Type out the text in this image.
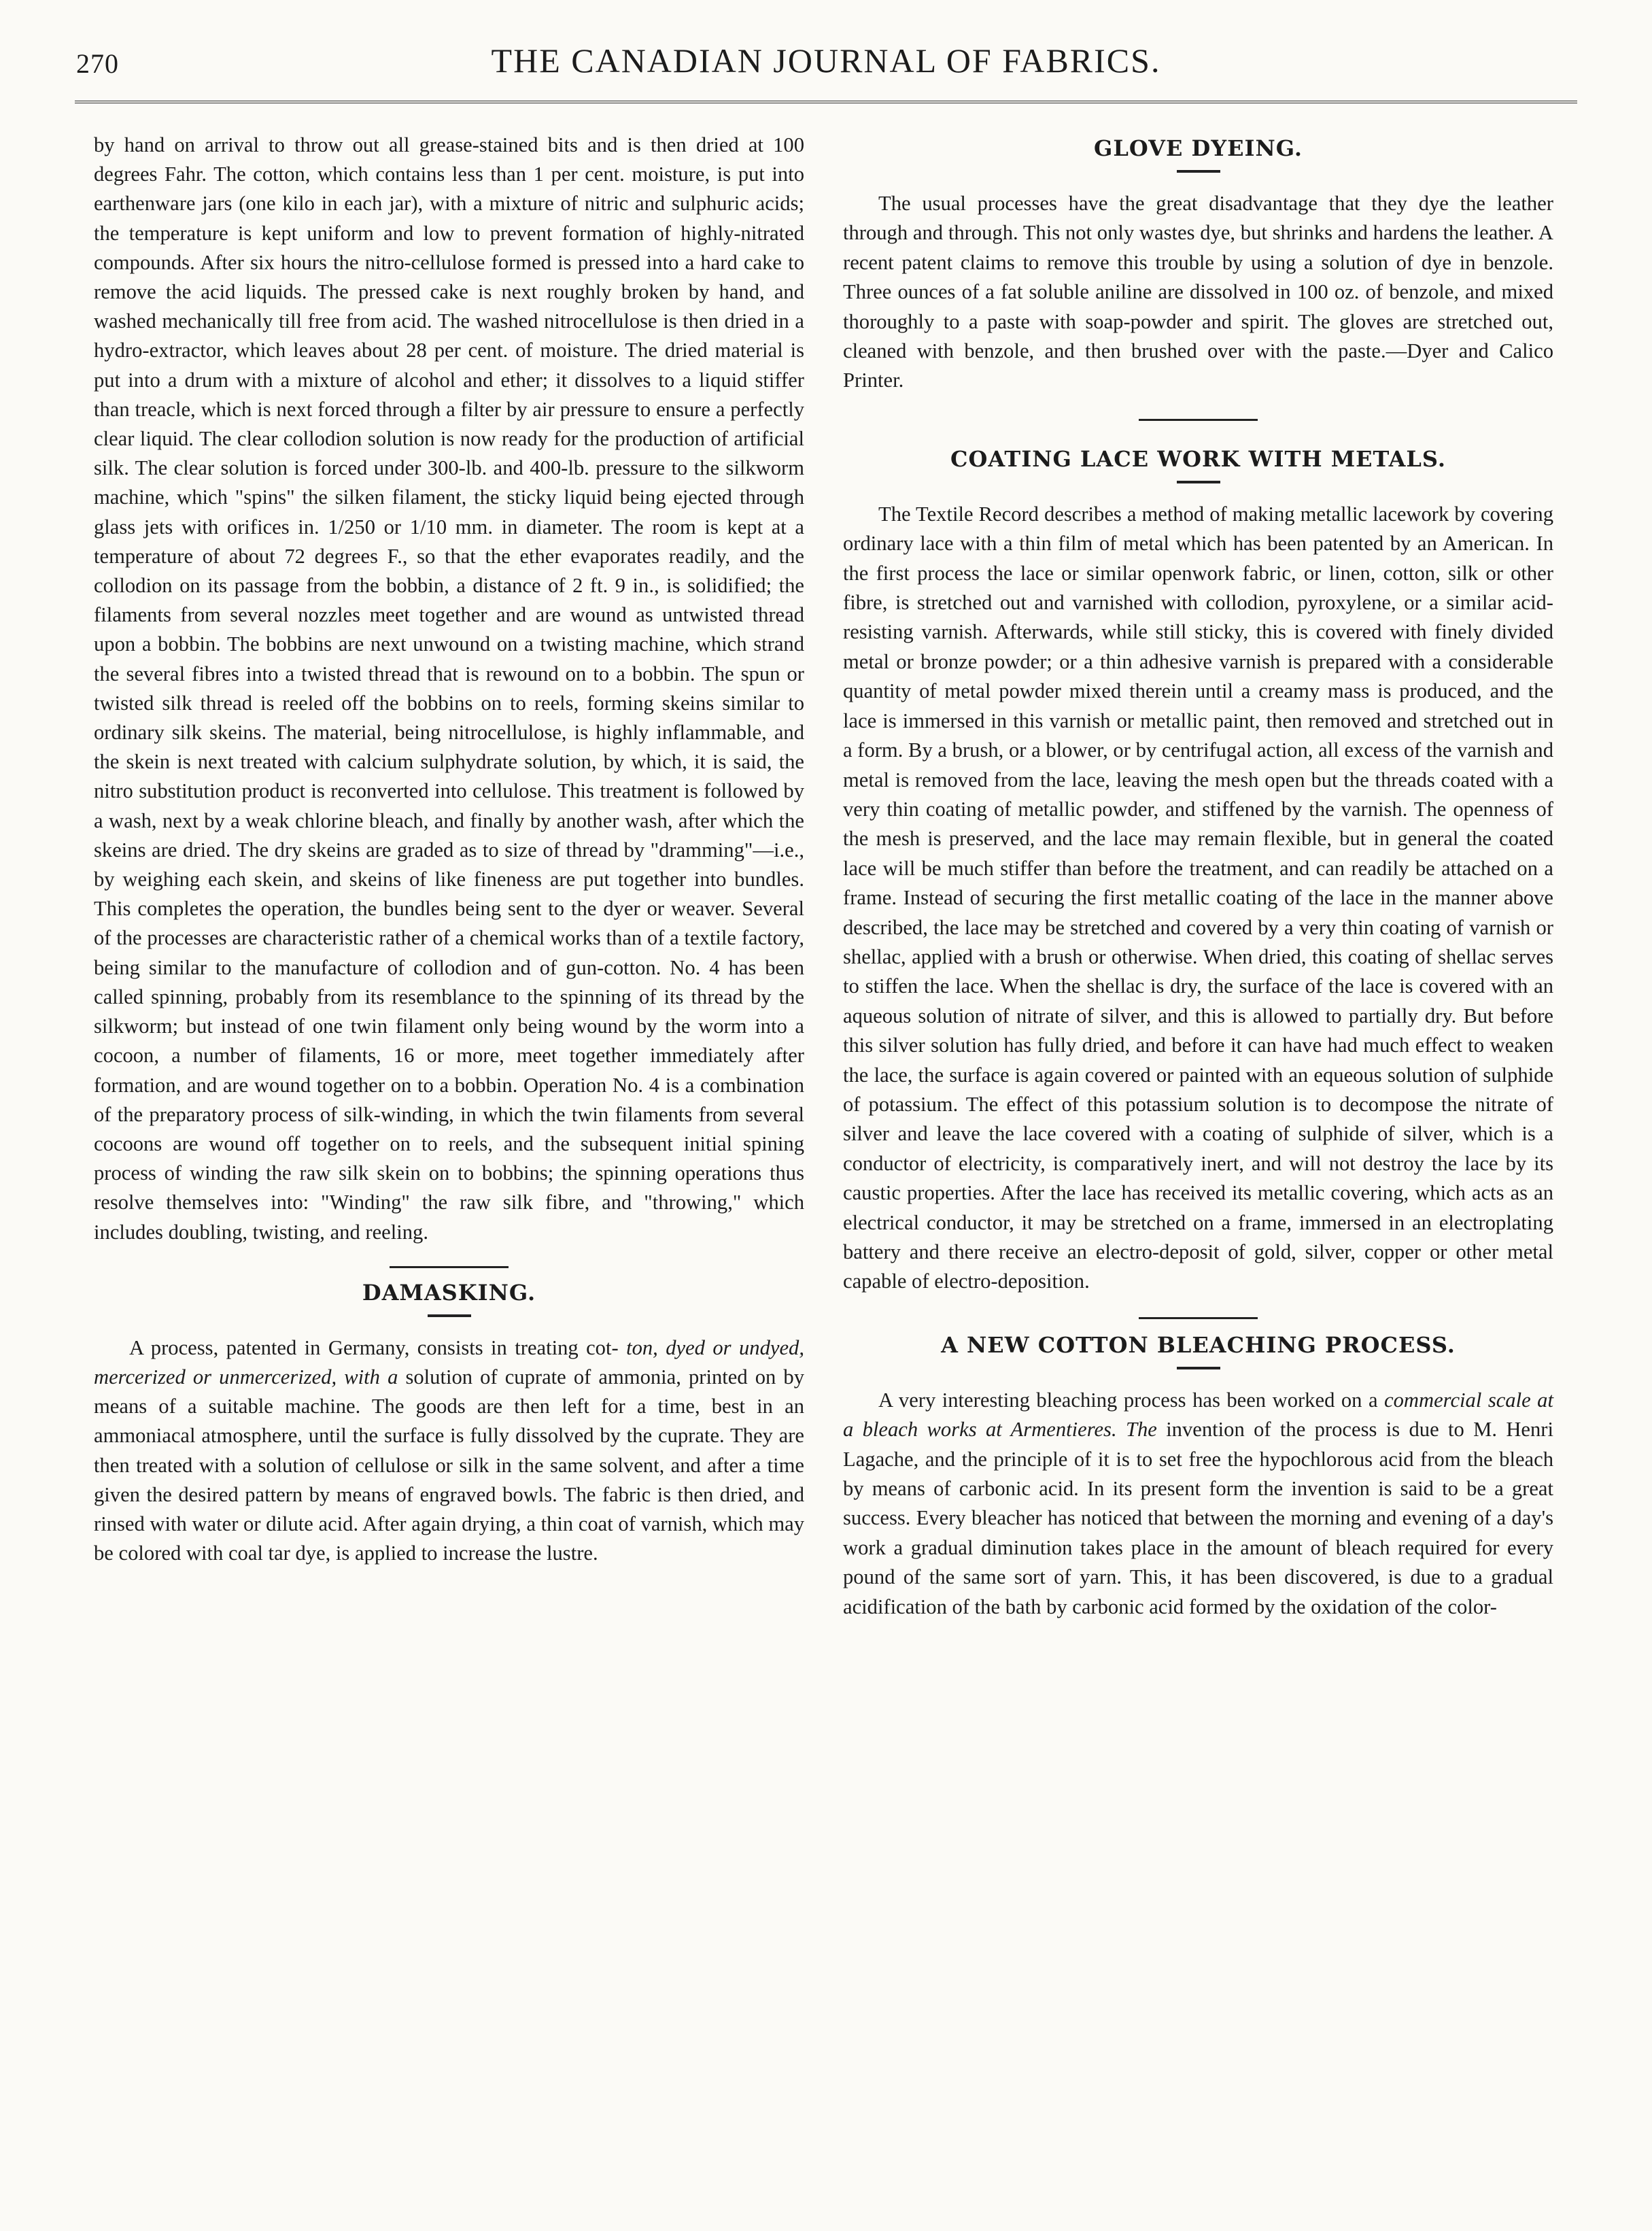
270	THE CANADIAN JOURNAL OF FABRICS.

by hand on arrival to throw out all grease-stained bits and is then dried at 100 degrees Fahr. The cotton, which contains less than 1 per cent. moisture, is put into earthenware jars (one kilo in each jar), with a mixture of nitric and sulphuric acids; the temperature is kept uniform and low to prevent formation of highly-nitrated compounds. After six hours the nitro-cellulose formed is pressed into a hard cake to remove the acid liquids. The pressed cake is next roughly broken by hand, and washed mechanically till free from acid. The washed nitrocellulose is then dried in a hydro-extractor, which leaves about 28 per cent. of moisture. The dried material is put into a drum with a mixture of alcohol and ether; it dissolves to a liquid stiffer than treacle, which is next forced through a filter by air pressure to ensure a perfectly clear liquid. The clear collodion solution is now ready for the production of artificial silk. The clear solution is forced under 300-lb. and 400-lb. pressure to the silkworm machine, which "spins" the silken filament, the sticky liquid being ejected through glass jets with orifices in. 1/250 or 1/10 mm. in diameter. The room is kept at a temperature of about 72 degrees F., so that the ether evaporates readily, and the collodion on its passage from the bobbin, a distance of 2 ft. 9 in., is solidified; the filaments from several nozzles meet together and are wound as untwisted thread upon a bobbin. The bobbins are next unwound on a twisting machine, which strand the several fibres into a twisted thread that is rewound on to a bobbin. The spun or twisted silk thread is reeled off the bobbins on to reels, forming skeins similar to ordinary silk skeins. The material, being nitrocellulose, is highly inflammable, and the skein is next treated with calcium sulphydrate solution, by which, it is said, the nitro substitution product is reconverted into cellulose. This treatment is followed by a wash, next by a weak chlorine bleach, and finally by another wash, after which the skeins are dried. The dry skeins are graded as to size of thread by "dramming"—i.e., by weighing each skein, and skeins of like fineness are put together into bundles. This completes the operation, the bundles being sent to the dyer or weaver. Several of the processes are characteristic rather of a chemical works than of a textile factory, being similar to the manufacture of collodion and of gun-cotton. No. 4 has been called spinning, probably from its resemblance to the spinning of its thread by the silkworm; but instead of one twin filament only being wound by the worm into a cocoon, a number of filaments, 16 or more, meet together immediately after formation, and are wound together on to a bobbin. Operation No. 4 is a combination of the preparatory process of silk-winding, in which the twin filaments from several cocoons are wound off together on to reels, and the subsequent initial spining process of winding the raw silk skein on to bobbins; the spinning operations thus resolve themselves into: "Winding" the raw silk fibre, and "throwing," which includes doubling, twisting, and reeling.

DAMASKING.

A process, patented in Germany, consists in treating cot- ton, dyed or undyed, mercerized or unmercerized, with a solution of cuprate of ammonia, printed on by means of a suitable machine. The goods are then left for a time, best in an ammoniacal atmosphere, until the surface is fully dissolved by the cuprate. They are then treated with a solution of cellulose or silk in the same solvent, and after a time given the desired pattern by means of engraved bowls. The fabric is then dried, and rinsed with water or dilute acid. After again drying, a thin coat of varnish, which may be colored with coal tar dye, is applied to increase the lustre.

GLOVE DYEING.

The usual processes have the great disadvantage that they dye the leather through and through. This not only wastes dye, but shrinks and hardens the leather. A recent patent claims to remove this trouble by using a solution of dye in benzole. Three ounces of a fat soluble aniline are dissolved in 100 oz. of benzole, and mixed thoroughly to a paste with soap-powder and spirit. The gloves are stretched out, cleaned with benzole, and then brushed over with the paste.—Dyer and Calico Printer.

COATING LACE WORK WITH METALS.

The Textile Record describes a method of making metallic lacework by covering ordinary lace with a thin film of metal which has been patented by an American. In the first process the lace or similar openwork fabric, or linen, cotton, silk or other fibre, is stretched out and varnished with collodion, pyroxylene, or a similar acid-resisting varnish. Afterwards, while still sticky, this is covered with finely divided metal or bronze powder; or a thin adhesive varnish is prepared with a considerable quantity of metal powder mixed therein until a creamy mass is produced, and the lace is immersed in this varnish or metallic paint, then removed and stretched out in a form. By a brush, or a blower, or by centrifugal action, all excess of the varnish and metal is removed from the lace, leaving the mesh open but the threads coated with a very thin coating of metallic powder, and stiffened by the varnish. The openness of the mesh is preserved, and the lace may remain flexible, but in general the coated lace will be much stiffer than before the treatment, and can readily be attached on a frame. Instead of securing the first metallic coating of the lace in the manner above described, the lace may be stretched and covered by a very thin coating of varnish or shellac, applied with a brush or otherwise. When dried, this coating of shellac serves to stiffen the lace. When the shellac is dry, the surface of the lace is covered with an aqueous solution of nitrate of silver, and this is allowed to partially dry. But before this silver solution has fully dried, and before it can have had much effect to weaken the lace, the surface is again covered or painted with an equeous solution of sulphide of potassium. The effect of this potassium solution is to decompose the nitrate of silver and leave the lace covered with a coating of sulphide of silver, which is a conductor of electricity, is comparatively inert, and will not destroy the lace by its caustic properties. After the lace has received its metallic covering, which acts as an electrical conductor, it may be stretched on a frame, immersed in an electroplating battery and there receive an electro-deposit of gold, silver, copper or other metal capable of electro-deposition.

A NEW COTTON BLEACHING PROCESS.

A very interesting bleaching process has been worked on a commercial scale at a bleach works at Armentieres. The invention of the process is due to M. Henri Lagache, and the principle of it is to set free the hypochlorous acid from the bleach by means of carbonic acid. In its present form the invention is said to be a great success. Every bleacher has noticed that between the morning and evening of a day's work a gradual diminution takes place in the amount of bleach required for every pound of the same sort of yarn. This, it has been discovered, is due to a gradual acidification of the bath by carbonic acid formed by the oxidation of the color-
